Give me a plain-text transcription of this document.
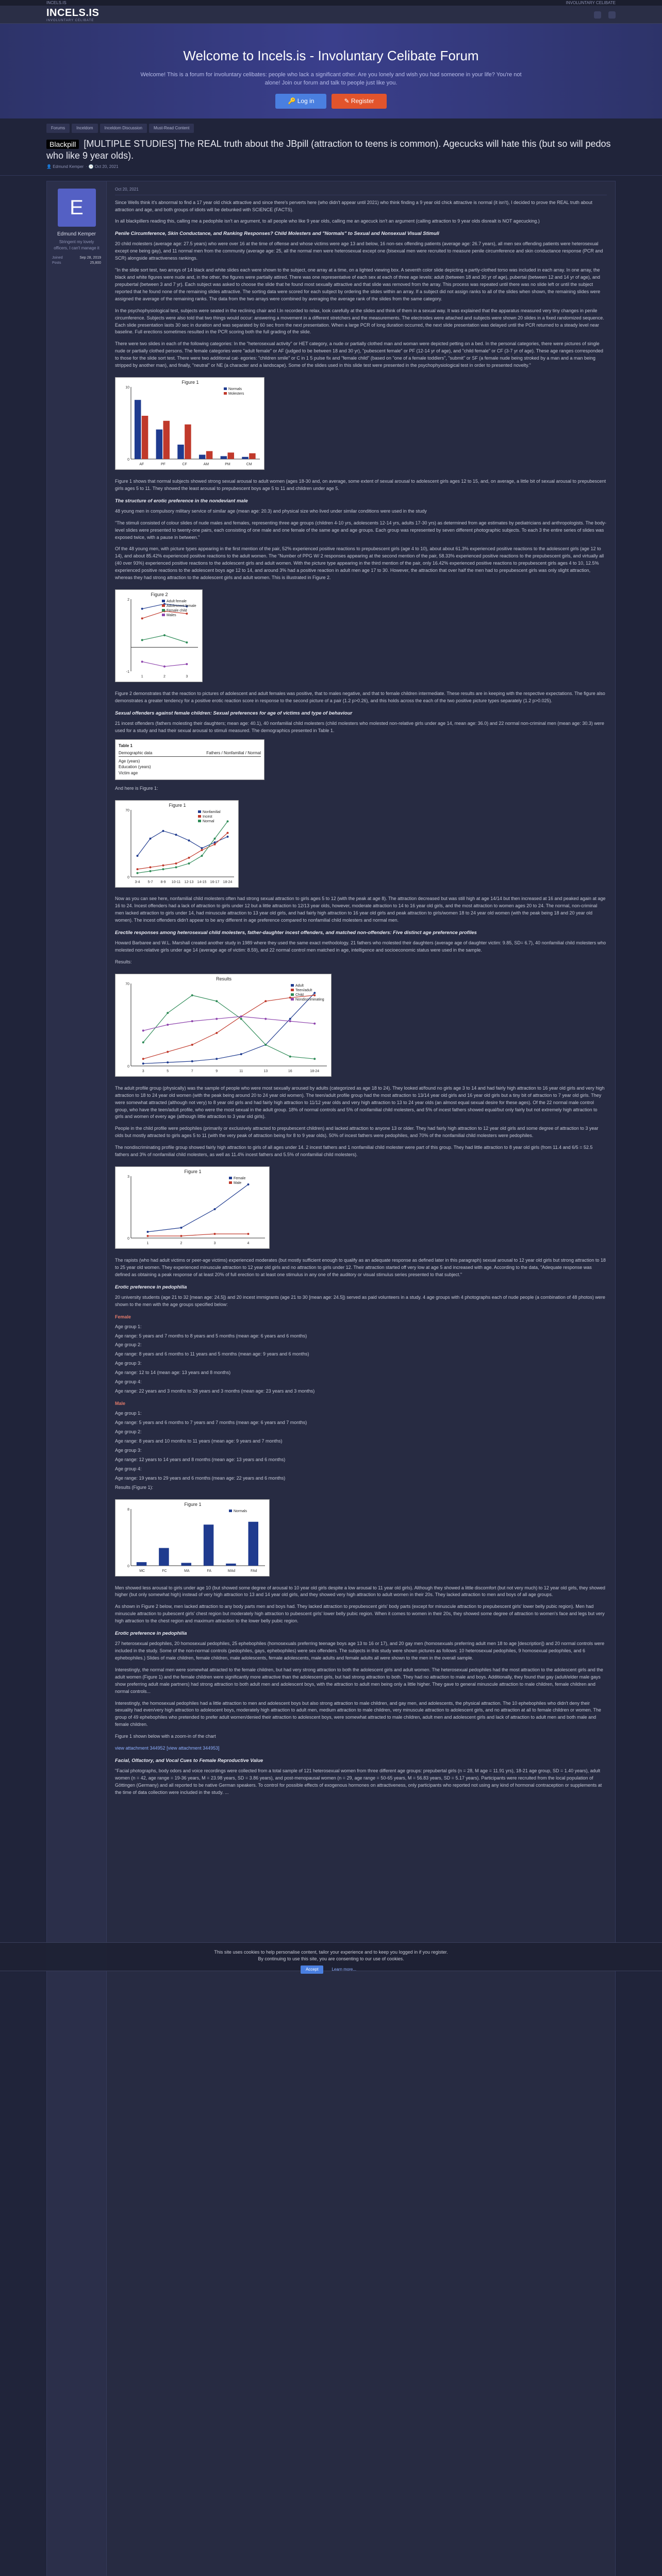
INCELS.IS	INVOLUNTARY CELIBATE
INCELS.IS
INVOLUNTARY CELIBATE
Welcome to Incels.is - Involuntary Celibate Forum

Welcome! This is a forum for involuntary celibates: people who lack a significant other. Are you lonely and wish you had someone in your life? You're not alone! Join our forum and talk to people just like you.

🔑 Log in	✎ Register
Forums	Inceldom	Inceldom Discussion	Must-Read Content
Blackpill [MULTIPLE STUDIES] The REAL truth about the JBpill (attraction to teens is common). Agecucks will hate this (but so will pedos who like 9 year olds).
👤 Edmund Kemper  · 🕒 Oct 20, 2021
E
Edmund Kemper
Stringent my lovely officers, I can't manage it
Joined	Sep 28, 2019
Posts	25,800
Oct 20, 2021

Since Wells think it's abnormal to find a 17 year old chick attractive and since there's perverts here (who didn't appear until 2021) who think finding a 9 year old chick attractive is normal (it isn't), I decided to prove the REAL truth about attraction and age, and both groups of idiots will be debunked with SCIENCE (FACTS).

In all blackpillers reading this, calling me a pedophile isn't an argument, to all people who like 9 year olds, calling me an agecuck isn't an argument (calling attraction to 9 year olds disrealt is NOT agecucking.)

Penile Circumference, Skin Conductance, and Ranking Responses? Child Molesters and "Normals" to Sexual and Nonsexual Visual Stimuli

20 child molesters (average age: 27.5 years) who were over 16 at the time of offense and whose victims were age 13 and below, 16 non-sex offending patients (average age: 26.7 years), all men sex offending patients were heterosexual except one being gay), and 11 normal men from the community (average age: 25, all the normal men were heterosexual except one (bisexual men were recruited to measure penile circumference and skin conductance response (PCR and SCR) alongside attractiveness rankings.

"In the slide sort test, two arrays of 14 black and white slides each were shown to the subject, one array at a time, on a lighted viewing box. A seventh color slide depicting a partly-clothed torso was included in each array. In one array, the black and white figures were nude and, in the other, the figures were partially attired. There was one representative of each sex at each of three age levels: adult (between 18 and 30 yr of age), pubertal (between 12 and 14 yr of age), and prepubertal (between 3 and 7 yr). Each subject was asked to choose the slide that he found most sexually attractive and that slide was removed from the array. This process was repeated until there was no slide left or until the subject reported that he found none of the remaining slides attractive. The sorting data were scored for each subject by ordering the slides within an array. If a subject did not assign ranks to all of the slides when shown, the remaining slides were assigned the average of the remaining ranks. The data from the two arrays were combined by averaging the average rank of the slides from the same category.

In the psychophysiological test, subjects were seated in the reclining chair and I.In recorded to relax, look carefully at the slides and think of them in a sexual way. It was explained that the apparatus measured very tiny changes in penile circumference. Subjects were also told that two things would occur: answering a movement in a different stretchers and the measurements. The electrodes were attached and subjects were shown 20 slides in a fixed randomized sequence. Each slide presentation lasts 30 sec in duration and was separated by 60 sec from the next presentation. When a large PCR of long duration occurred, the next slide presentation was delayed until the PCR returned to a steady level near baseline. Full erections sometimes resulted in the PCR scoring both the full grading of the slide.

There were two slides in each of the following categories: In the "heterosexual activity" or HET category, a nude or partially clothed man and woman were depicted petting on a bed. In the personal categories, there were pictures of single nude or partially clothed persons. The female categories were "adult female" or AF (judged to be between 18 and 30 yr), "pubescent female" or PF (12-14 yr of age), and "child female" or CF (3-7 yr of age). These age ranges corresponded to those for the slide sort test. There were two additional cat- egories: "children smile" or C in 1 5 pulse fix and "female child" (based on "one of a female toddlers", "submit" or SF (a female nude being stroked by a man and a man being stripped by another man), and finally, "neutral" or NE (a character and a landscape). Some of the slides used in this slide test were presented in the psychophysiological test in order to presented novelty."

Figure 1
0
10
AF	PF	CF	AM	PM	CM
Normals
Molesters

Figure 1 shows that normal subjects showed strong sexual arousal to adult women (ages 18-30 and, on average, some extent of sexual arousal to adolescent girls ages 12 to 15, and, on average, a little bit of sexual arousal to prepubescent girls ages 5 to 11. They showed the least arousal to prepubescent boys age 5 to 11 and children under age 5.

The structure of erotic preference in the nondeviant male

48 young men in compulsory military service of similar age (mean age: 20.3) and physical size who lived under similar conditions were used in the study

"The stimuli consisted of colour slides of nude males and females, representing three age groups (children 4-10 yrs, adolescents 12-14 yrs, adults 17-30 yrs) as determined from age estimates by pediatricians and anthropologists. The body-level slides were presented to twenty-one pairs, each consisting of one male and one female of the same age and age groups. Each group was represented by seven different photographic subjects. To each 3 the entire series of slides was exposed twice, with a pause in between."

Of the 48 young men, with picture types appearing in the first mention of the pair, 52% experienced positive reactions to prepubescent girls (age 4 to 10), about about 61.3% experienced positive reactions to the adolescent girls (age 12 to 14), and about 85.42% experienced positive reactions to the adult women. The "Number of PPG W/ 2 responses appearing at the second mention of the pair, 58.33% experienced positive reactions to the prepubescent girls, and virtually all (40 over 93%) experienced positive reactions to the adolescent girls and adult women. With the picture type appearing in the third mention of the pair, only 16.42% experienced positive reactions to prepubescent girls ages 4 to 10, 12.5% experienced positive reactions to the adolescent boys age 12 to 14, and around 3% had a positive reaction in adult men age 17 to 30. However, the attraction that over half the men had to prepubescent girls was only slight attraction, whereas they had strong attraction to the adolescent girls and adult women. This is illustrated in Figure 2.

Figure 2
-1
2
1	2	3
Adult female
Adolescent female
Female child
Males

Figure 2 demonstrates that the reaction to pictures of adolescent and adult females was positive, that to males negative, and that to female children intermediate. These results are in keeping with the respective expectations. The figure also demonstrates a greater tendency for a positive erotic reaction score in response to the second picture of a pair (1.2 p>0.26), and this holds across the each of the two positive picture types separately (1.2 p>0.025).

Sexual offenders against female children: Sexual preferences for age of victims and type of behaviour

21 incest offenders (fathers molesting their daughters; mean age: 40.1), 40 nonfamilial child molesters (child molesters who molested non-relative girls under age 14, mean age: 36.0) and 22 normal non-criminal men (mean age: 30.3) were used for a study and had their sexual arousal to stimuli measured. The demographics presented in Table 1.

Table 1
Demographic data	Fathers / Nonfamilial / Normal
Age (years)
Education (years)
Victim age

And here is Figure 1:

Figure 1
0
70
3-4 5-7 8-9 10-11 12-13 14-15 16-17 18-24
Nonfamilial
Incest
Normal

Now as you can see here, nonfamilial child molesters often had strong sexual attraction to girls ages 5 to 12 (with the peak at age 8). The attraction decreased but was still high at age 14/14 but then increased at 16 and peaked again at age 16 to 24. Incest offenders had a lack of attraction to girls under 12 but a little attraction to 12/13 year olds, however, moderate attraction to 14 to 16 year old girls, and the most attraction to women ages 20 to 24. The normal, non-criminal men lacked attraction to girls under 14, had minuscule attraction to 13 year old girls, and had fairly high attraction to 16 year old girls and peak attraction to girls/women 18 to 24 year old women (with the peak being 18 and 20 year old women). The incest offenders didn't appear to be any different in age preference compared to nonfamilial child molesters and normal men.

Erectile responses among heterosexual child molesters, father-daughter incest offenders, and matched non-offenders: Five distinct age preference profiles

Howard Barbaree and W.L. Marshall created another study in 1989 where they used the same exact methodology. 21 fathers who molested their daughters (average age of daughter victim: 9.85, SD= 6.7), 40 nonfamilial child molesters who molested non-relative girls under age 14 (average age of victim: 8.59), and 22 normal control men matched in age, intelligence and socioeconomic status were used in the sample.

Results:

Results
0
70
3	5	7	9	11	13	16	18-24
Adult
Teen/adult
Child
Nondiscriminating

The adult profile group (physically) was the sample of people who were most sexually aroused by adults (categorized as age 18 to 24). They looked at/found no girls age 3 to 14 and had fairly high attraction to 16 year old girls and very high attraction to 18 to 24 year old women (with the peak being around 20 to 24 year old women). The teen/adult profile group had the most attraction to 13/14 year old girls and 16 year old girls but a tiny bit of attraction to 7 year old girls. They were somewhat attracted (although not very) to 8 year old girls and had fairly high attraction to 11/12 year olds and very high attraction to 13 to 24 year olds (an almost equal sexual desire for these ages). Of the 22 normal male control group, who have the teen/adult profile, who were the most sexual in the adult group. 18% of normal controls and 5% of nonfamilial child molesters, and 5% of incest fathers showed equal/but only fairly but not extremely high attraction to girls and women of every age (although little attraction to 3 year old girls).

People in the child profile were pedophiles (primarily or exclusively attracted to prepubescent children) and lacked attraction to anyone 13 or older. They had fairly high attraction to 12 year old girls and some degree of attraction to 3 year olds but mostly attracted to girls ages 5 to 11 (with the very peak of attraction being for 8 to 9 year olds). 50% of incest fathers were pedophiles, and 70% of the nonfamilial child molesters were pedophiles.

The nondiscriminating profile group showed fairly high attraction to girls of all ages under 14. 2 incest fathers and 1 nonfamilial child molester were part of this group. They had little attraction to 8 year old girls (from 11.4 and 6/5 = 52.5 fathers and 3% of nonfamilial child molesters, as well as 11.4% incest fathers and 5.5% of nonfamilial child molesters).

Figure 1
0
3
1	2	3	4
Female
Male

The rapists (who had adult victims or peer-age victims) experienced moderates (but mostly sufficient enough to qualify as an adequate response as defined later in this paragraph) sexual arousal to 12 year old girls but strong attraction to 18 to 25 year old women. They experienced minuscule attraction to 12 year old girls and no attraction to girls under 12. Their attraction started off very low at age 5 and increased with age. According to the data, "Adequate response was defined as obtaining a peak response of at least 20% of full erection to at least one stimulus in any one of the auditory or visual stimulus series presented to that subject."

Erotic preference in pedophilia

20 university students (age 21 to 32 [mean age: 24.5]) and 20 incest immigrants (age 21 to 30 [mean age: 24.5]) served as paid volunteers in a study. 4 age groups with 4 photographs each of nude people (a combination of 48 photos) were shown to the men with the age groups specified below:

Female

Age group 1:

Age range: 5 years and 7 months to 8 years and 5 months (mean age: 6 years and 6 months)

Age group 2:

Age range: 8 years and 6 months to 11 years and 5 months (mean age: 9 years and 6 months)

Age group 3:

Age range: 12 to 14 (mean age: 13 years and 8 months)

Age group 4:

Age range: 22 years and 3 months to 28 years and 3 months (mean age: 23 years and 3 months)

Male

Age group 1:

Age range: 5 years and 6 months to 7 years and 7 months (mean age: 6 years and 7 months)

Age group 2:

Age range: 8 years and 10 months to 11 years (mean age: 9 years and 7 months)

Age group 3:

Age range: 12 years to 14 years and 8 months (mean age: 13 years and 6 months)

Age group 4:

Age range: 19 years to 29 years and 6 months (mean age: 22 years and 6 months)

Results (Figure 1):

Figure 1
0
8
MC	FC	MA	FA	MAd	FAd
Normals

Men showed less arousal to girls under age 10 (but showed some degree of arousal to 10 year old girls despite a low arousal to 11 year old girls). Although they showed a little discomfort (but not very much) to 12 year old girls, they showed higher (but only somewhat high) instead of very high attraction to 13 and 14 year old girls, and they showed very high attraction to adult women in their 20s. They lacked attraction to men and boys of all age groups.

As shown in Figure 2 below, men lacked attraction to any body parts men and boys had. They lacked attraction to prepubescent girls' body parts (except for minuscule attraction to prepubescent girls' lower belly pubic region). Men had minuscule attraction to pubescent girls' chest region but moderately high attraction to pubescent girls' lower belly pubic region. When it comes to women in their 20s, they showed some degree of attraction to women's face and legs but very high attraction to the chest region and maximum attraction to the lower belly pubic region.

Erotic preference in pedophilia

27 heterosexual pedophiles, 20 homosexual pedophiles, 25 ephebophiles (homosexuals preferring teenage boys age 13 to 16 or 17), and 20 gay men (homosexuals preferring adult men 18 to age [description]) and 20 normal controls were included in the study. Some of the non-normal controls (pedophiles, gays, ephebophiles) were sex offenders. The subjects in this study were shown pictures as follows: 10 heterosexual pedophiles, 9 homosexual pedophiles, and 6 ephebophiles.) Slides of male children, female children, male adolescents, female adolescents, male adults and female adults all were shown to the men in the overall sample.

Interestingly, the normal men were somewhat attracted to the female children, but had very strong attraction to both the adolescent girls and adult women. The heterosexual pedophiles had the most attraction to the adolescent girls and the adult women (Figure 1) and the female children were significantly more attractive than the adolescent girls, but had strong attraction to both. They had no attraction to male and boys. Additionally, they found that gay (adult/elder male gays show preferring adult male partners) had strong attraction to both adult men and adolescent boys, with the attraction to adult men being only a little higher. They gave to general minuscule attraction to male children, female children and normal controls...

Interestingly, the homosexual pedophiles had a little attraction to men and adolescent boys but also strong attraction to male children, and gay men, and adolescents, the physical attraction. The 10 ephebophiles who didn't deny their sexuality had even/very high attraction to adolescent boys, moderately high attraction to adult men, medium attraction to male children, very minuscule attraction to adolescent girls, and no attraction at all to female children or women. The group of 49 ephebophiles who pretended to prefer adult women/denied their attraction to adolescent boys, were somewhat attracted to male children, adult men and adolescent girls and lack of attraction to adult men and both male and female children.

Figure 1 shown below with a zoom-in of the chart

view attachment 344952 [view attachment 344953]

Facial, Olfactory, and Vocal Cues to Female Reproductive Value

"Facial photographs, body odors and voice recordings were collected from a total sample of 121 heterosexual women from three different age groups: prepubertal girls (n = 28, M age = 11.91 yrs), 18-21 age group, SD = 1.40 years), adult women (n = 42, age range = 19-36 years, M = 23.98 years, SD = 3.86 years), and post-menopausal women (n = 29, age range = 50-65 years, M = 56.83 years, SD = 5.17 years). Participants were recruited from the local population of Göttingen (Germany) and all reported to be native German speakers. To control for possible effects of exogenous hormones on attractiveness, only participants who reported not using any kind of hormonal contraception or supplements at the time of data collection were included in the study. ...

This site uses cookies to help personalise content, tailor your experience and to keep you logged in if you register.
By continuing to use this site, you are consenting to our use of cookies.
Accept	Learn more...
